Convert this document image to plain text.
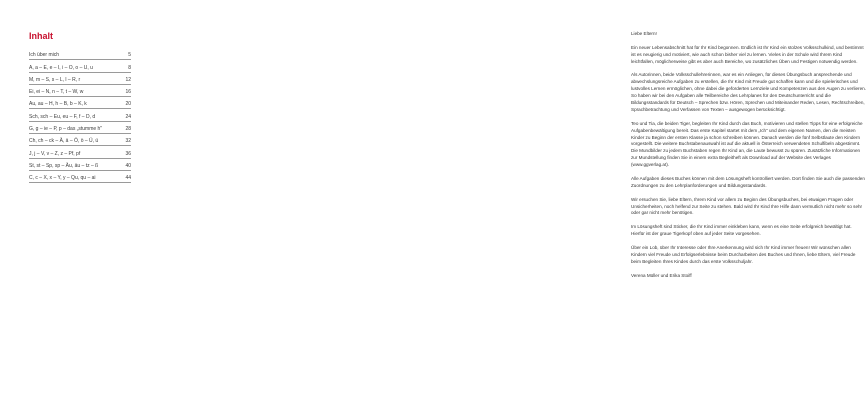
Inhalt
Ich über mich	5
A, a – E, e – I, i – O, o – U, u	8
M, m – S, s – L, l – R, r	12
Ei, ei – N, n – T, t – W, w	16
Au, au – H, h – B, b – K, k	20
Sch, sch – Eu, eu – F, f – D, d	24
G, g – ie – P, p – das „stumme h"	28
Ch, ch – ck – Ä, ä – Ö, ö – Ü, ü	32
J, j – V, v – Z, z – Pf, pf	36
St, st – Sp, sp – Äu, äu – tz – ß	40
C, c – X, x – Y, y – Qu, qu – ai	44

Liebe Eltern!

Ein neuer Lebensabschnitt hat für Ihr Kind begonnen. Endlich ist Ihr Kind ein stolzes Volksschulkind, und bestimmt ist es neugierig und motiviert, wie auch schon bisher viel zu lernen. Vieles in der Schule wird Ihrem Kind leichtfallen, möglicherweise gibt es aber auch Bereiche, wo zusätzliches Üben und Festigen notwendig werden.

Als Autorinnen, beide Volksschullehrerinnen, war es ein Anliegen, für dieses Übungsbuch ansprechende und abwechslungsreiche Aufgaben zu erstellen, die Ihr Kind mit Freude gut schaffen kann und die spielerisches und lustvolles Lernen ermöglichen, ohne dabei die geforderten Lernziele und Kompetenzen aus den Augen zu verlieren. So haben wir bei den Aufgaben alle Teilbereiche des Lehrplanes für den Deutschunterricht und die Bildungsstandards für Deutsch – Sprechen bzw. Hören, Sprechen und Miteinander Reden, Lesen, Rechtschreiben, Sprachbetrachtung und Verfassen von Texten – ausgewogen berücksichtigt.

Teo und Tia, die beiden Tiger, begleiten Ihr Kind durch das Buch, motivieren und stellen Tipps für eine erfolgreiche Aufgabenbewältigung bereit. Das erste Kapitel startet mit dem „Ich" und dem eigenen Namen, den die meisten Kinder zu Beginn der ersten Klasse ja schon schreiben können. Danach werden die fünf Selbstlaute den Kindern vorgestellt. Die weitere Buchstabenauswahl ist auf die aktuell in Österreich verwendeten Schulfibeln abgestimmt. Die Mundbilder zu jedem Buchstaben regen Ihr Kind an, die Laute bewusst zu spüren. Zusätzliche Informationen zur Mundstellung finden Sie in einem extra Begleitheft als Download auf der Website des Verlages (www.ggverlag.at).

Alle Aufgaben dieses Buches können mit dem Lösungsheft kontrolliert werden. Dort finden Sie auch die passenden Zuordnungen zu den Lehrplanforderungen und Bildungsstandards.

Wir ersuchen Sie, liebe Eltern, Ihrem Kind vor allem zu Beginn des Übungsbuches, bei etwaigen Fragen oder Unsicherheiten, noch helfend zur Seite zu stehen. Bald wird Ihr Kind Ihre Hilfe dann vermutlich nicht mehr so sehr oder gar nicht mehr benötigen.

Im Lösungsheft sind Sticker, die Ihr Kind immer einkleben kann, wenn es eine Seite erfolgreich bewältigt hat. Hierfür ist der graue Tigerkopf oben auf jeder Seite vorgesehen.

Über ein Lob, über Ihr Interesse oder Ihre Anerkennung wird sich Ihr Kind immer freuen! Wir wünschen allen Kindern viel Freude und Erfolgserlebnisse beim Durcharbeiten des Buches und Ihnen, liebe Eltern, viel Freude beim Begleiten Ihres Kindes durch das erste Volksschuljahr.

Verena Müller und Erika Stoiff
